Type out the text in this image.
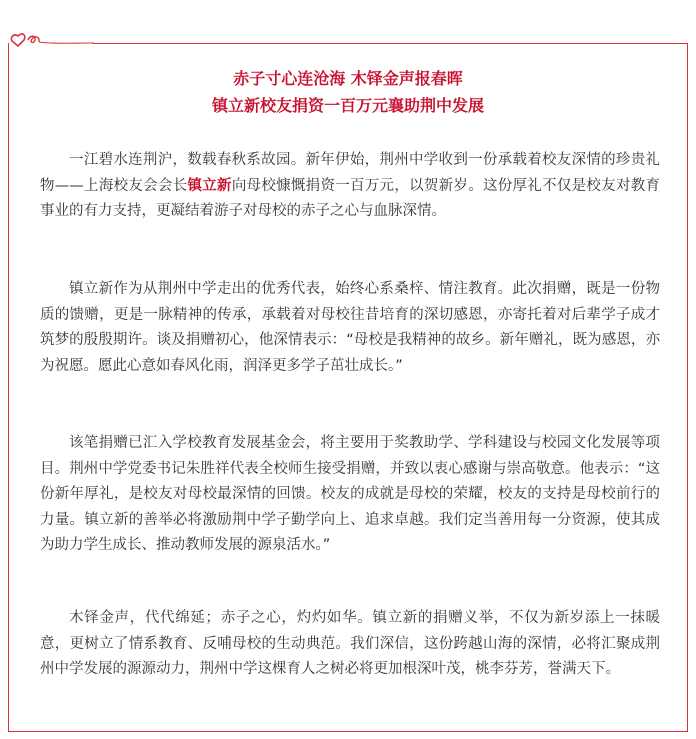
赤子寸心连沧海 木铎金声报春晖
镇立新校友捐资一百万元襄助荆中发展

一江碧水连荆沪，数载春秋系故园。新年伊始，荆州中学收到一份承载着校友深情的珍贵礼物——上海校友会会长镇立新向母校慷慨捐资一百万元，以贺新岁。这份厚礼不仅是校友对教育事业的有力支持，更凝结着游子对母校的赤子之心与血脉深情。

镇立新作为从荆州中学走出的优秀代表，始终心系桑梓、情注教育。此次捐赠，既是一份物质的馈赠，更是一脉精神的传承，承载着对母校往昔培育的深切感恩，亦寄托着对后辈学子成才筑梦的殷殷期许。谈及捐赠初心，他深情表示：“母校是我精神的故乡。新年赠礼，既为感恩，亦为祝愿。愿此心意如春风化雨，润泽更多学子茁壮成长。”

该笔捐赠已汇入学校教育发展基金会，将主要用于奖教助学、学科建设与校园文化发展等项目。荆州中学党委书记朱胜祥代表全校师生接受捐赠，并致以衷心感谢与崇高敬意。他表示：“这份新年厚礼，是校友对母校最深情的回馈。校友的成就是母校的荣耀，校友的支持是母校前行的力量。镇立新的善举必将激励荆中学子勤学向上、追求卓越。我们定当善用每一分资源，使其成为助力学生成长、推动教师发展的源泉活水。”

木铎金声，代代绵延；赤子之心，灼灼如华。镇立新的捐赠义举，不仅为新岁添上一抹暖意，更树立了情系教育、反哺母校的生动典范。我们深信，这份跨越山海的深情，必将汇聚成荆州中学发展的源源动力，荆州中学这棵育人之树必将更加根深叶茂，桃李芬芳，誉满天下。
